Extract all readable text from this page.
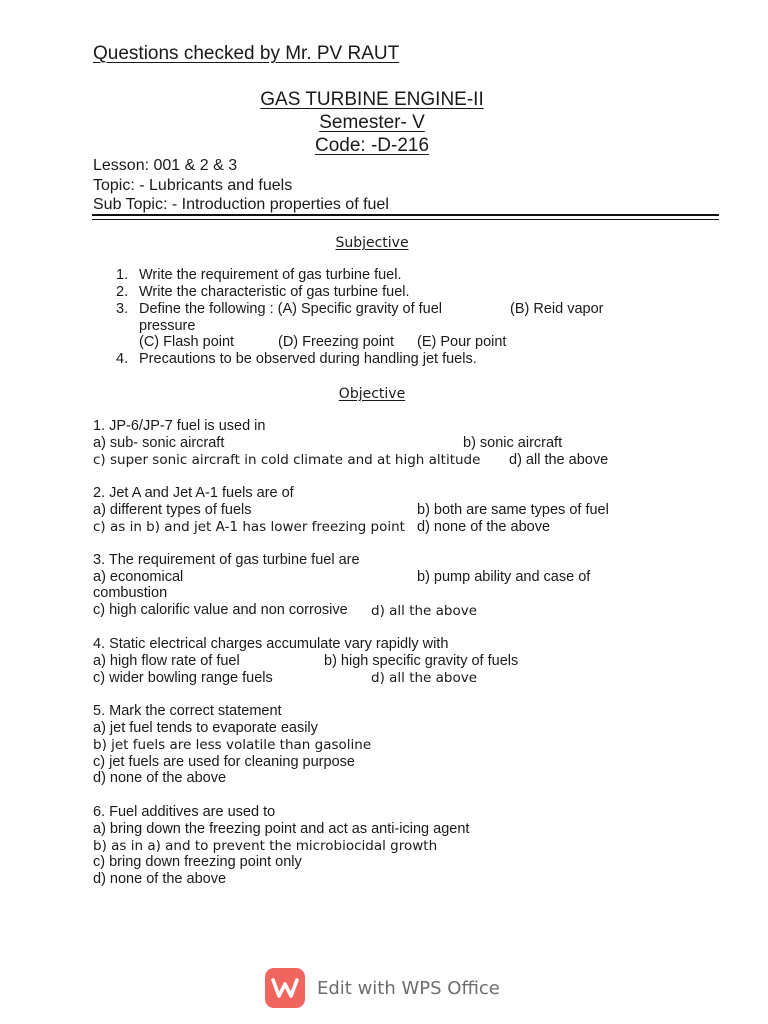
Questions checked by Mr. PV RAUT
GAS TURBINE ENGINE-II
Semester- V
Code: -D-216
Lesson: 001 & 2 & 3
Topic: - Lubricants and fuels
Sub Topic: - Introduction properties of fuel
Subjective
1. Write the requirement of gas turbine fuel.
2. Write the characteristic of gas turbine fuel.
3. Define the following : (A) Specific gravity of fuel	(B) Reid vapor
pressure
(C) Flash point	(D) Freezing point (E) Pour point
4. Precautions to be observed during handling jet fuels.
Objective
1. JP-6/JP-7 fuel is used in
a) sub- sonic aircraft	b) sonic aircraft
c) super sonic aircraft in cold climate and at high altitude d) all the above
2. Jet A and Jet A-1 fuels are of
a) different types of fuels	b) both are same types of fuel
c) as in b) and jet A-1 has lower freezing point d) none of the above
3. The requirement of gas turbine fuel are
a) economical	b) pump ability and case of
combustion
c) high calorific value and non corrosive d) all the above
4. Static electrical charges accumulate vary rapidly with
a) high flow rate of fuel	b) high specific gravity of fuels
c) wider bowling range fuels	d) all the above
5. Mark the correct statement
a) jet fuel tends to evaporate easily
b) jet fuels are less volatile than gasoline
c) jet fuels are used for cleaning purpose
d) none of the above
6. Fuel additives are used to
a) bring down the freezing point and act as anti-icing agent
b) as in a) and to prevent the microbiocidal growth
c) bring down freezing point only
d) none of the above
Edit with WPS Office
